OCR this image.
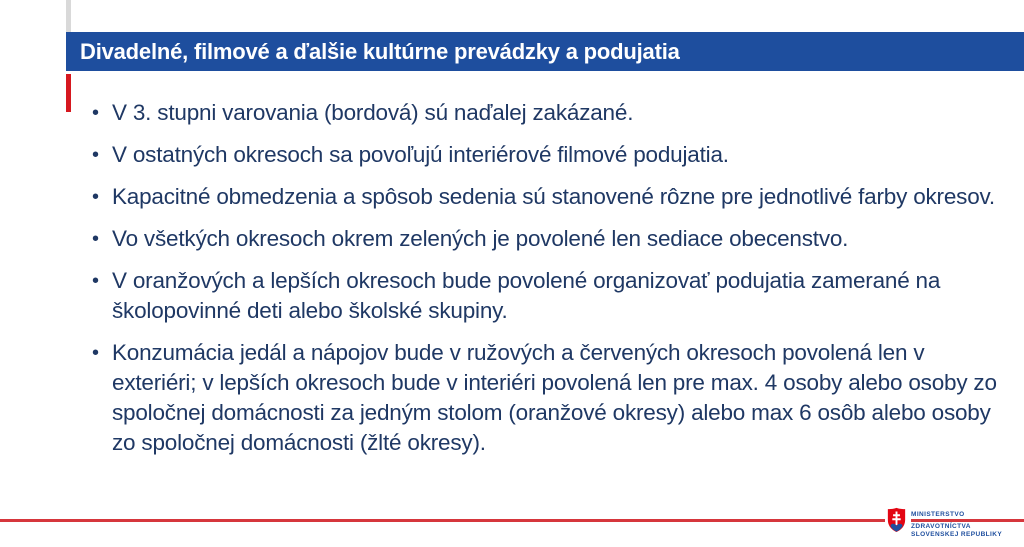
Divadelné, filmové a ďalšie kultúrne prevádzky a podujatia
• V 3. stupni varovania (bordová) sú naďalej zakázané.
• V ostatných okresoch sa povoľujú interiérové filmové podujatia.
• Kapacitné obmedzenia a spôsob sedenia sú stanovené rôzne pre jednotlivé farby okresov.
• Vo všetkých okresoch okrem zelených je povolené len sediace obecenstvo.
• V oranžových a lepších okresoch bude povolené organizovať podujatia zamerané na školopovinné deti alebo školské skupiny.
• Konzumácia jedál a nápojov bude v ružových a červených okresoch povolená len v exteriéri; v lepších okresoch bude v interiéri povolená len pre max. 4 osoby alebo osoby zo spoločnej domácnosti za jedným stolom (oranžové okresy) alebo max 6 osôb alebo osoby zo spoločnej domácnosti (žlté okresy).
MINISTERSTVO
ZDRAVOTNÍCTVA
SLOVENSKEJ REPUBLIKY
